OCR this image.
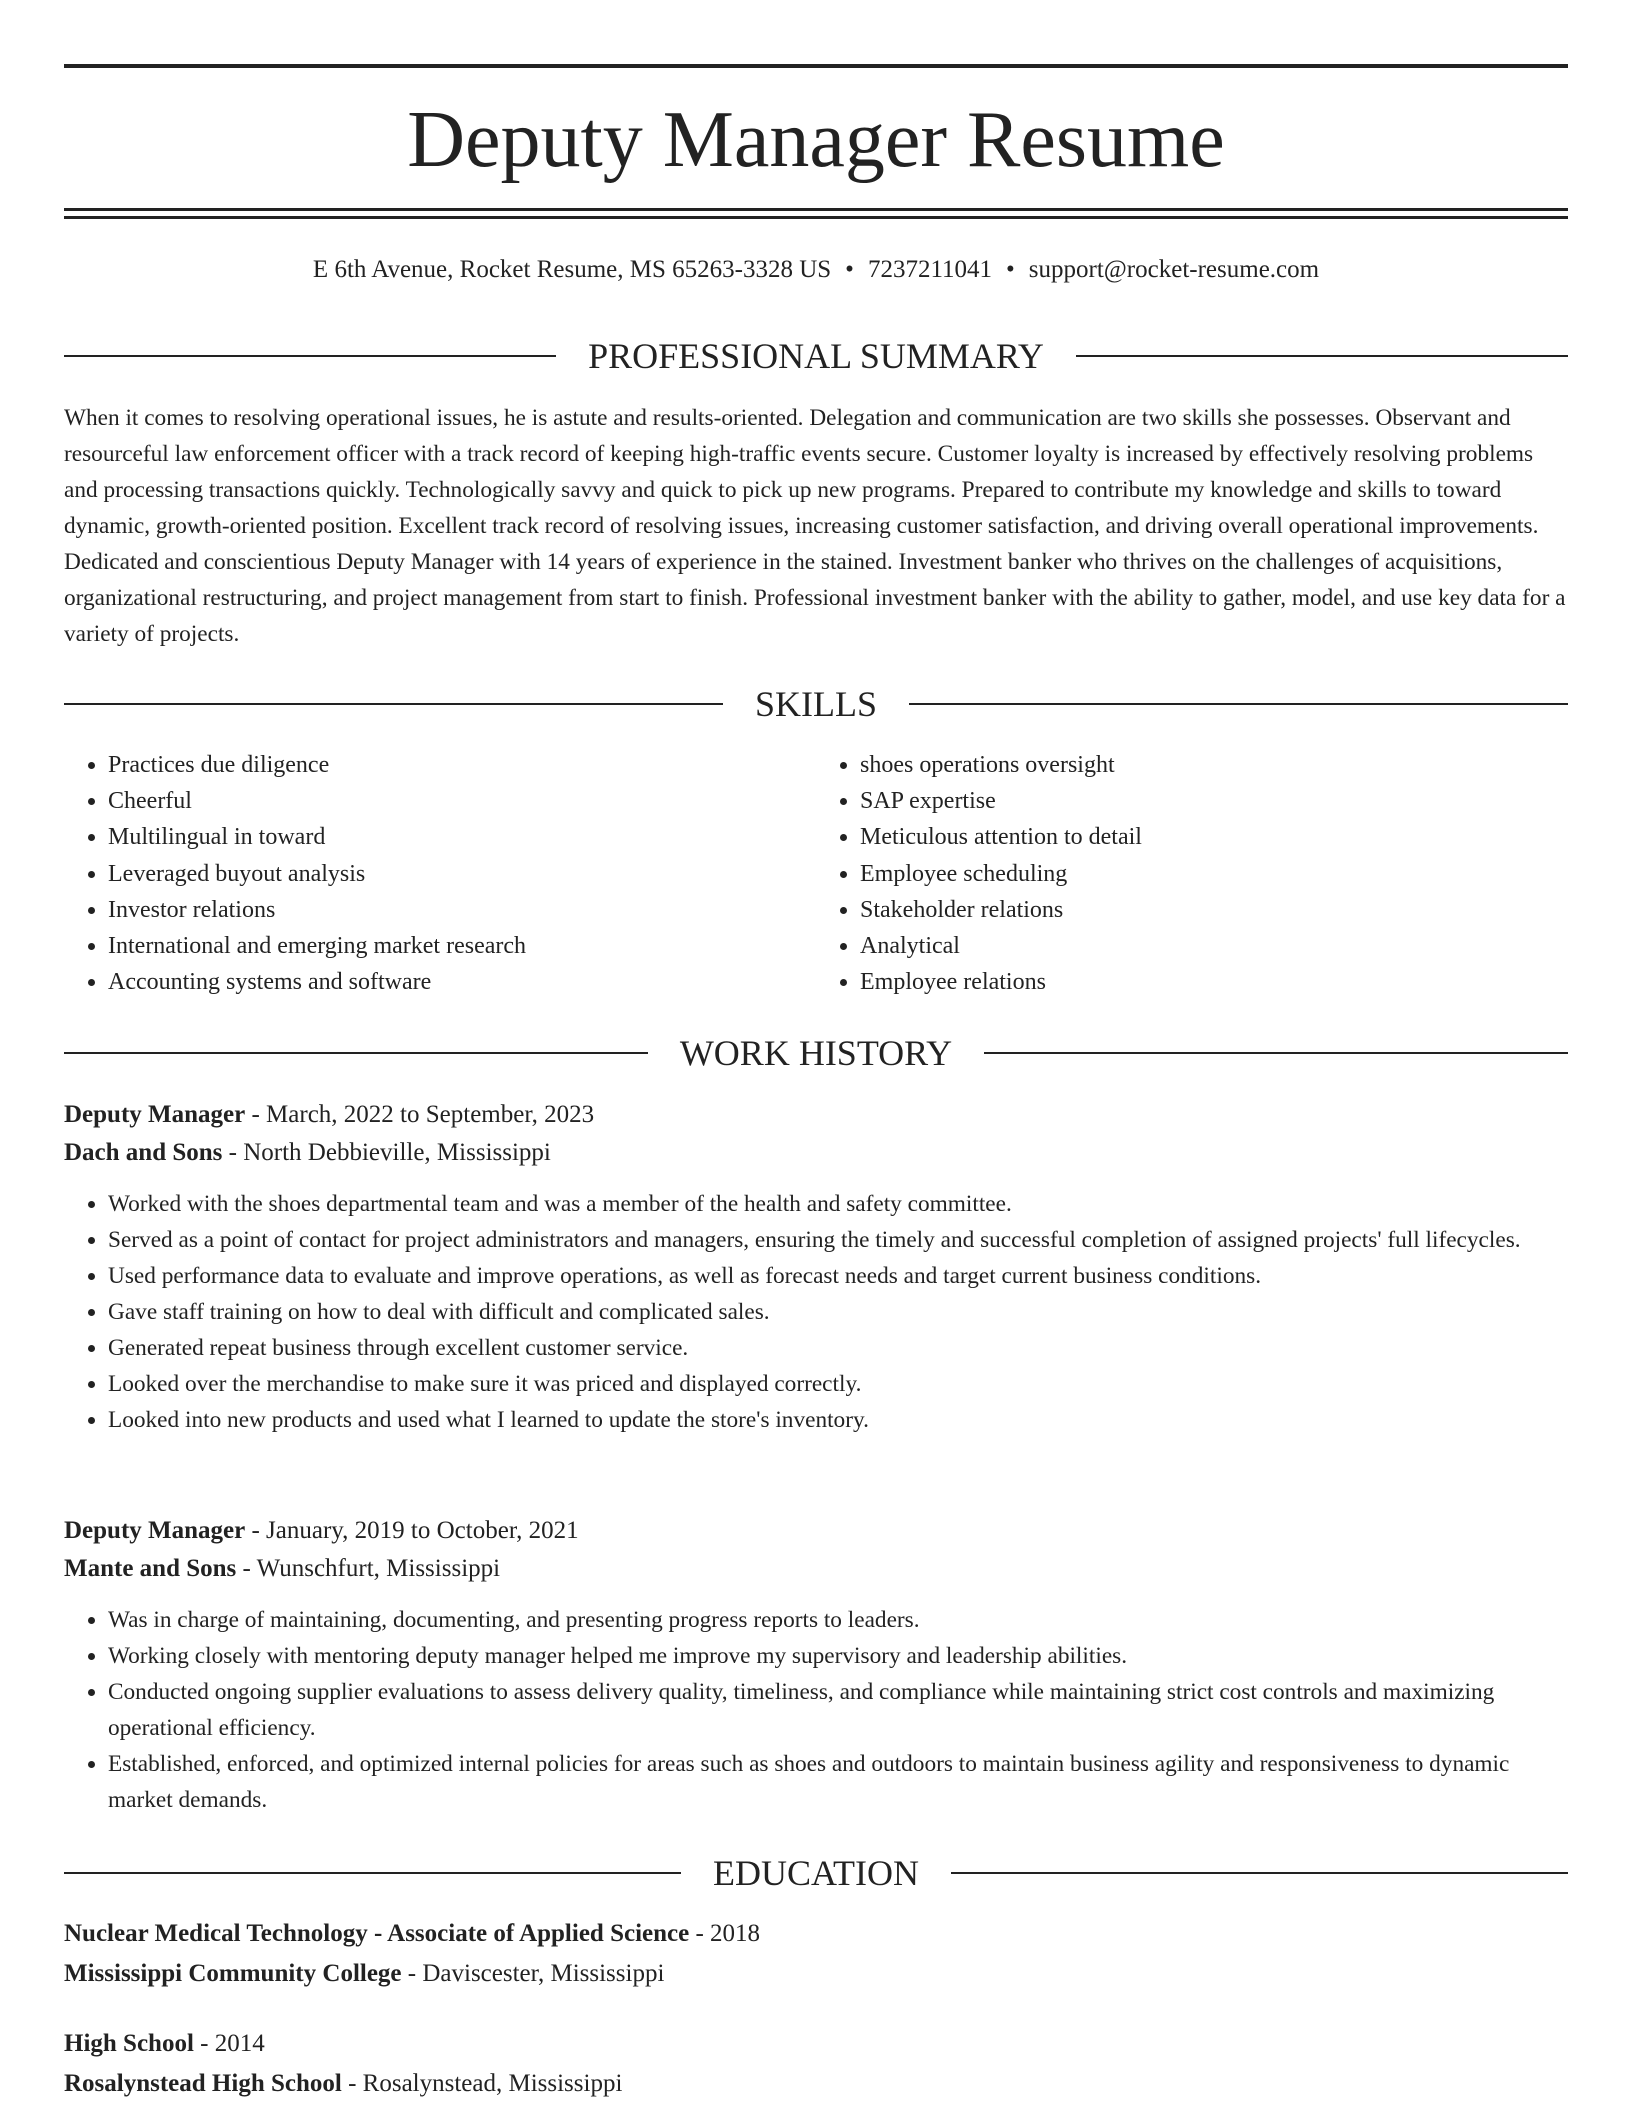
Deputy Manager Resume
E 6th Avenue, Rocket Resume, MS 65263-3328 US • 7237211041 • support@rocket-resume.com
PROFESSIONAL SUMMARY

When it comes to resolving operational issues, he is astute and results-oriented. Delegation and communication are two skills she possesses. Observant and resourceful law enforcement officer with a track record of keeping high-traffic events secure. Customer loyalty is increased by effectively resolving problems and processing transactions quickly. Technologically savvy and quick to pick up new programs. Prepared to contribute my knowledge and skills to toward dynamic, growth-oriented position. Excellent track record of resolving issues, increasing customer satisfaction, and driving overall operational improvements. Dedicated and conscientious Deputy Manager with 14 years of experience in the stained. Investment banker who thrives on the challenges of acquisitions, organizational restructuring, and project management from start to finish. Professional investment banker with the ability to gather, model, and use key data for a variety of projects.

SKILLS
• Practices due diligence
• Cheerful
• Multilingual in toward
• Leveraged buyout analysis
• Investor relations
• International and emerging market research
• Accounting systems and software
• shoes operations oversight
• SAP expertise
• Meticulous attention to detail
• Employee scheduling
• Stakeholder relations
• Analytical
• Employee relations
WORK HISTORY
Deputy Manager - March, 2022 to September, 2023
Dach and Sons - North Debbieville, Mississippi
• Worked with the shoes departmental team and was a member of the health and safety committee.
• Served as a point of contact for project administrators and managers, ensuring the timely and successful completion of assigned projects' full lifecycles.
• Used performance data to evaluate and improve operations, as well as forecast needs and target current business conditions.
• Gave staff training on how to deal with difficult and complicated sales.
• Generated repeat business through excellent customer service.
• Looked over the merchandise to make sure it was priced and displayed correctly.
• Looked into new products and used what I learned to update the store's inventory.
Deputy Manager - January, 2019 to October, 2021
Mante and Sons - Wunschfurt, Mississippi
• Was in charge of maintaining, documenting, and presenting progress reports to leaders.
• Working closely with mentoring deputy manager helped me improve my supervisory and leadership abilities.
• Conducted ongoing supplier evaluations to assess delivery quality, timeliness, and compliance while maintaining strict cost controls and maximizing operational efficiency.
• Established, enforced, and optimized internal policies for areas such as shoes and outdoors to maintain business agility and responsiveness to dynamic market demands.
EDUCATION
Nuclear Medical Technology - Associate of Applied Science - 2018
Mississippi Community College - Daviscester, Mississippi
High School - 2014
Rosalynstead High School - Rosalynstead, Mississippi
